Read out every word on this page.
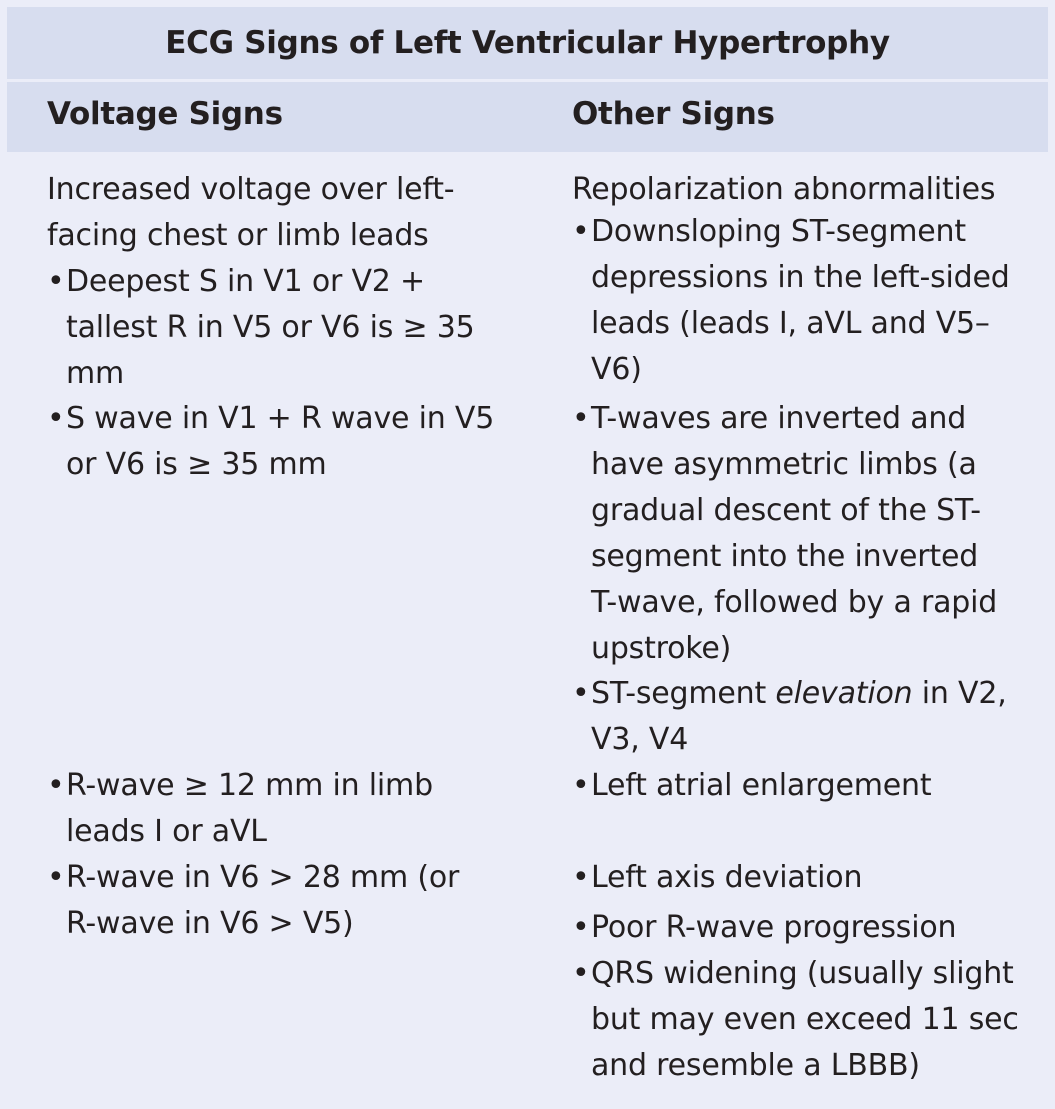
ECG Signs of Left Ventricular Hypertrophy
Voltage Signs	Other Signs
Increased voltage over left-facing chest or limb leads
• Deepest S in V1 or V2 + tallest R in V5 or V6 is ≥ 35 mm
• S wave in V1 + R wave in V5 or V6 is ≥ 35 mm
• R-wave ≥ 12 mm in limb leads I or aVL
• R-wave in V6 > 28 mm (or R-wave in V6 > V5)
Repolarization abnormalities
• Downsloping ST-segment depressions in the left-sided leads (leads I, aVL and V5–V6)
• T-waves are inverted and have asymmetric limbs (a gradual descent of the ST-segment into the inverted T-wave, followed by a rapid upstroke)
• ST-segment elevation in V2, V3, V4
• Left atrial enlargement
• Left axis deviation
• Poor R-wave progression
• QRS widening (usually slight but may even exceed 11 sec and resemble a LBBB)
